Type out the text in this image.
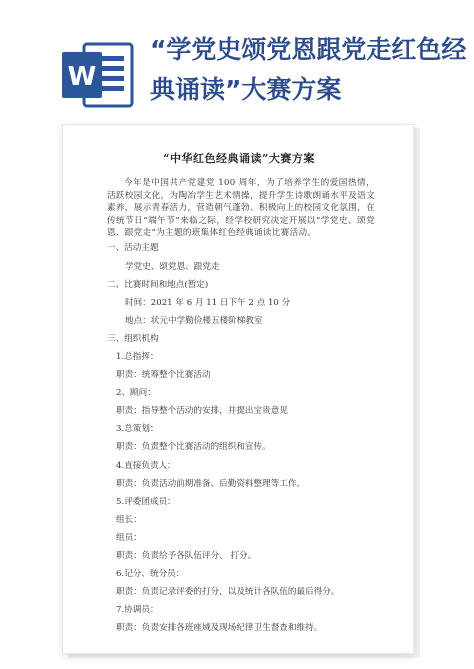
W
“学党史颂党恩跟党走红色经
典诵读”大赛方案
“中华红色经典诵读”大赛方案
今年是中国共产党建党 100 周年，为了培养学生的爱国热情，活跃校园文化，为陶冶学生艺术情操，提升学生诗歌朗诵水平及语文素养，展示青春活力，营造朝气蓬勃、积极向上的校园文化氛围，在传统节日“端午节”来临之际，经学校研究决定开展以“学党史、颂党恩、跟党走”为主题的班集体红色经典诵读比赛活动。
一、活动主题
学党史、颂党恩、跟党走
二、比赛时间和地点(暂定)
时间：2021 年 6 月 11 日下午 2 点 10 分
地点：状元中学勤俭楼五楼阶梯教室
三、组织机构
1.总指挥：
职责：统筹整个比赛活动
2、顾问：
职责：指导整个活动的安排，并提出宝贵意见
3.总策划：
职责：负责整个比赛活动的组织和宣传。
4.直接负责人：
职责：负责活动前期准备、后勤资料整理等工作。
5.评委团成员：
组长：
组员：
职责：负责给予各队伍评分、 打分。
6.记分、统分员：
职责：负责记录评委的打分，以及统计各队伍的最后得分。
7.协调员：
职责：负责安排各班座域及现场纪律卫生督查和维持。
